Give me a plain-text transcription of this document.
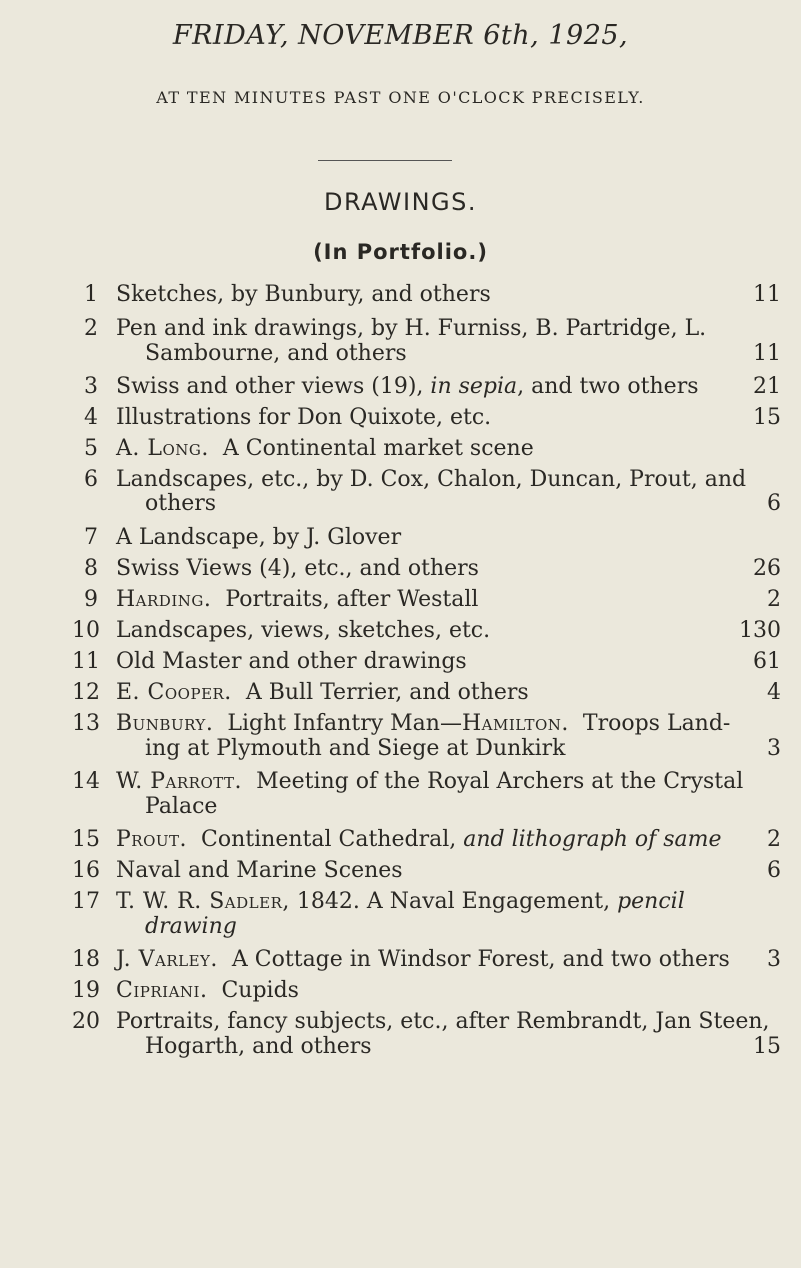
FRIDAY, NOVEMBER 6th, 1925,
AT TEN MINUTES PAST ONE O'CLOCK PRECISELY.
DRAWINGS.
(In Portfolio.)
1 Sketches, by Bunbury, and others	11
2 Pen and ink drawings, by H. Furniss, B. Partridge, L.
Sambourne, and others	11
3 Swiss and other views (19), in sepia, and two others 21
4 Illustrations for Don Quixote, etc.	15
5 A. Long. A Continental market scene
6 Landscapes, etc., by D. Cox, Chalon, Duncan, Prout, and
others	6
7 A Landscape, by J. Glover
8 Swiss Views (4), etc., and others	26
9 Harding. Portraits, after Westall	2
10 Landscapes, views, sketches, etc.	130
11 Old Master and other drawings	61
12 E. Cooper. A Bull Terrier, and others	4
13 Bunbury. Light Infantry Man—Hamilton. Troops Land-
ing at Plymouth and Siege at Dunkirk	3
14 W. Parrott. Meeting of the Royal Archers at the Crystal
Palace
15 Prout. Continental Cathedral, and lithograph of same 2
16 Naval and Marine Scenes	6
17 T. W. R. Sadler, 1842. A Naval Engagement, pencil
drawing
18 J. Varley. A Cottage in Windsor Forest, and two others 3
19 Cipriani. Cupids
20 Portraits, fancy subjects, etc., after Rembrandt, Jan Steen,
Hogarth, and others	15
